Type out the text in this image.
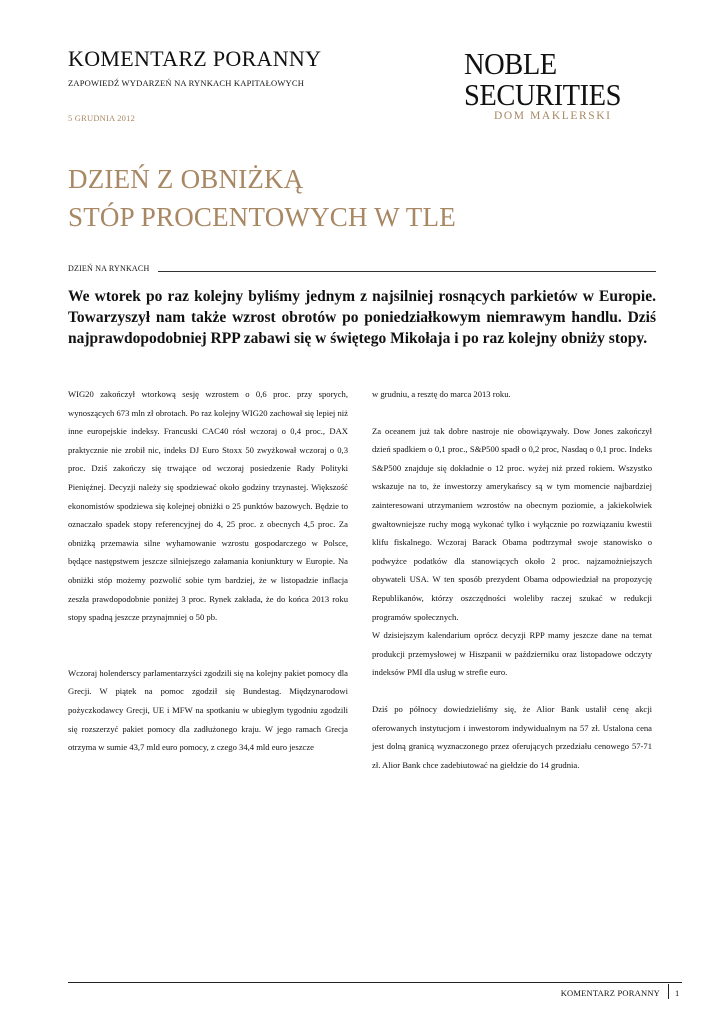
KOMENTARZ PORANNY
ZAPOWIEDŹ WYDARZEŃ NA RYNKACH KAPITAŁOWYCH
5 GRUDNIA 2012
NOBLE
SECURITIES
DOM MAKLERSKI
DZIEŃ Z OBNIŻKĄ
STÓP PROCENTOWYCH W TLE
DZIEŃ NA RYNKACH
We wtorek po raz kolejny byliśmy jednym z najsilniej rosnących parkietów w Europie. Towarzyszył nam także wzrost obrotów po poniedziałkowym niemrawym handlu. Dziś najprawdopodobniej RPP zabawi się w świętego Mikołaja i po raz kolejny obniży stopy.

WIG20 zakończył wtorkową sesję wzrostem o 0,6 proc. przy sporych, wynoszących 673 mln zł obrotach. Po raz kolejny WIG20 zachował się lepiej niż inne europejskie indeksy. Francuski CAC40 rósł wczoraj o 0,4 proc., DAX praktycznie nie zrobił nic, indeks DJ Euro Stoxx 50 zwyżkował wczoraj o 0,3 proc. Dziś zakończy się trwające od wczoraj posiedzenie Rady Polityki Pieniężnej. Decyzji należy się spodziewać około godziny trzynastej. Większość ekonomistów spodziewa się kolejnej obniżki o 25 punktów bazowych. Będzie to oznaczało spadek stopy referencyjnej do 4, 25 proc. z obecnych 4,5 proc. Za obniżką przemawia silne wyhamowanie wzrostu gospodarczego w Polsce, będące następstwem jeszcze silniejszego załamania koniunktury w Europie. Na obniżki stóp możemy pozwolić sobie tym bardziej, że w listopadzie inflacja zeszła prawdopodobnie poniżej 3 proc. Rynek zakłada, że do końca 2013 roku stopy spadną jeszcze przynajmniej o 50 pb.

Wczoraj holenderscy parlamentarzyści zgodzili się na kolejny pakiet pomocy dla Grecji. W piątek na pomoc zgodził się Bundestag. Międzynarodowi pożyczkodawcy Grecji, UE i MFW na spotkaniu w ubiegłym tygodniu zgodzili się rozszerzyć pakiet pomocy dla zadłużonego kraju. W jego ramach Grecja otrzyma w sumie 43,7 mld euro pomocy, z czego 34,4 mld euro jeszcze

w grudniu, a resztę do marca 2013 roku.

Za oceanem już tak dobre nastroje nie obowiązywały. Dow Jones zakończył dzień spadkiem o 0,1 proc., S&P500 spadł o 0,2 proc, Nasdaq o 0,1 proc. Indeks S&P500 znajduje się dokładnie o 12 proc. wyżej niż przed rokiem. Wszystko wskazuje na to, że inwestorzy amerykańscy są w tym momencie najbardziej zainteresowani utrzymaniem wzrostów na obecnym poziomie, a jakiekolwiek gwałtowniejsze ruchy mogą wykonać tylko i wyłącznie po rozwiązaniu kwestii klifu fiskalnego. Wczoraj Barack Obama podtrzymał swoje stanowisko o podwyżce podatków dla stanowiących około 2 proc. najzamożniejszych obywateli USA. W ten sposób prezydent Obama odpowiedział na propozycję Republikanów, którzy oszczędności woleliby raczej szukać w redukcji programów społecznych.

W dzisiejszym kalendarium oprócz decyzji RPP mamy jeszcze dane na temat produkcji przemysłowej w Hiszpanii w październiku oraz listopadowe odczyty indeksów PMI dla usług w strefie euro.

Dziś po północy dowiedzieliśmy się, że Alior Bank ustalił cenę akcji oferowanych instytucjom i inwestorom indywidualnym na 57 zł. Ustalona cena jest dolną granicą wyznaczonego przez oferujących przedziału cenowego 57-71 zł. Alior Bank chce zadebiutować na giełdzie do 14 grudnia.

KOMENTARZ PORANNY 1
